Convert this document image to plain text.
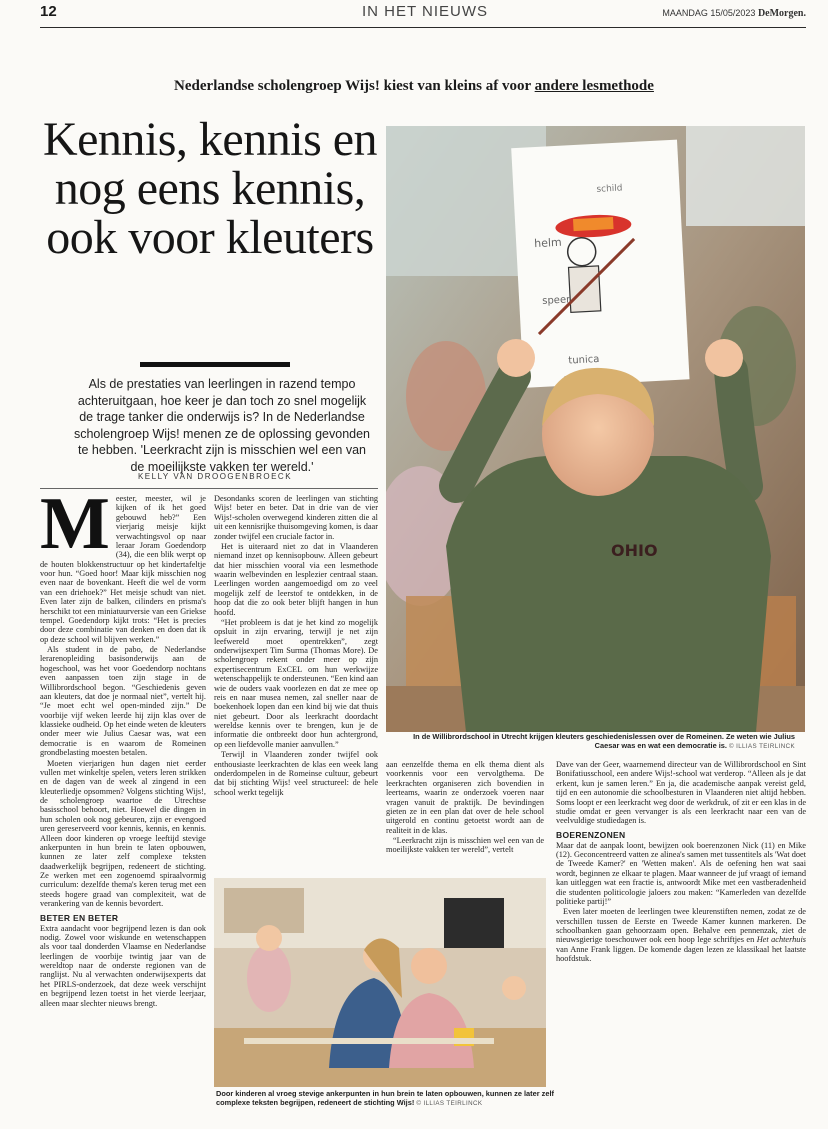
12	IN HET NIEUWS	MAANDAG 15/05/2023 DeMorgen.
Nederlandse scholengroep Wijs! kiest van kleins af voor andere lesmethode
Kennis, kennis en nog eens kennis, ook voor kleuters

Als de prestaties van leerlingen in razend tempo achteruitgaan, hoe keer je dan toch zo snel mogelijk de trage tanker die onderwijs is? In de Nederlandse scholengroep Wijs! menen ze de oplossing gevonden te hebben. 'Leerkracht zijn is misschien wel een van de moeilijkste vakken ter wereld.'

KELLY VAN DROOGENBROECK
helm
speer
schild
tunica
OHIO
In de Willibrordschool in Utrecht krijgen kleuters geschiedenislessen over de Romeinen. Ze weten wie Julius Caesar was en wat een democratie is. © ILLIAS TEIRLINCK
Door kinderen al vroeg stevige ankerpunten in hun brein te laten opbouwen, kunnen ze later zelf complexe teksten begrijpen, redeneert de stichting Wijs! © ILLIAS TEIRLINCK

Meester, meester, wil je kijken of ik het goed gebouwd heb?” Een vierjarig meisje kijkt verwachtingsvol op naar leraar Joram Goedendorp (34), die een blik werpt op de houten blokkenstructuur op het kindertafeltje voor hun. “Goed hoor! Maar kijk misschien nog even naar de bovenkant. Heeft die wel de vorm van een driehoek?” Het meisje schudt van niet. Even later zijn de balken, cilinders en prisma's herschikt tot een miniatuurversie van een Griekse tempel. Goedendorp kijkt trots: “Het is precies door deze combinatie van denken en doen dat ik op deze school wil blijven werken.”

Als student in de pabo, de Nederlandse lerarenopleiding basisonderwijs aan de hogeschool, was het voor Goedendorp nochtans even aanpassen toen zijn stage in de Willibrordschool begon. “Geschiedenis geven aan kleuters, dat doe je normaal niet”, vertelt hij. “Je moet echt wel open-minded zijn.” De voorbije vijf weken leerde hij zijn klas over de klassieke oudheid. Op het einde weten de kleuters onder meer wie Julius Caesar was, wat een democratie is en waarom de Romeinen grondbelasting moesten betalen.

Moeten vierjarigen hun dagen niet eerder vullen met winkeltje spelen, veters leren strikken en de dagen van de week al zingend in een kleuterliedje opsommen? Volgens stichting Wijs!, de scholengroep waartoe de Utrechtse basisschool behoort, niet. Hoewel die dingen in hun scholen ook nog gebeuren, zijn er evengoed uren gereserveerd voor kennis, kennis, en kennis. Alleen door kinderen op vroege leeftijd stevige ankerpunten in hun brein te laten opbouwen, kunnen ze later zelf complexe teksten daadwerkelijk begrijpen, redeneert de stichting. Ze werken met een zogenoemd spiraalvormig curriculum: dezelfde thema's keren terug met een steeds hogere graad van complexiteit, wat de verankering van de kennis bevordert.

BETER EN BETER

Extra aandacht voor begrijpend lezen is dan ook nodig. Zowel voor wiskunde en wetenschappen als voor taal donderden Vlaamse en Nederlandse leerlingen de voorbije twintig jaar van de wereldtop naar de onderste regionen van de ranglijst. Nu al verwachten onderwijsexperts dat het PIRLS-onderzoek, dat deze week verschijnt en begrijpend lezen toetst in het vierde leerjaar, alleen maar slechter nieuws brengt.

Desondanks scoren de leerlingen van stichting Wijs! beter en beter. Dat in drie van de vier Wijs!-scholen overwegend kinderen zitten die al uit een kennisrijke thuisomgeving komen, is daar zonder twijfel een cruciale factor in.

Het is uiteraard niet zo dat in Vlaanderen niemand inzet op kennisopbouw. Alleen gebeurt dat hier misschien vooral via een lesmethode waarin welbevinden en lesplezier centraal staan. Leerlingen worden aangemoedigd om zo veel mogelijk zelf de leerstof te ontdekken, in de hoop dat die zo ook beter blijft hangen in hun hoofd.

“Het probleem is dat je het kind zo mogelijk opsluit in zijn ervaring, terwijl je net zijn leefwereld moet opentrekken”, zegt onderwijsexpert Tim Surma (Thomas More). De scholengroep rekent onder meer op zijn expertisecentrum ExCEL om hun werkwijze wetenschappelijk te ondersteunen. “Een kind aan wie de ouders vaak voorlezen en dat ze mee op reis en naar musea nemen, zal sneller naar de boekenhoek lopen dan een kind bij wie dat thuis niet gebeurt. Door als leerkracht doordacht wereldse kennis over te brengen, kun je de informatie die ontbreekt door hun achtergrond, op een liefdevolle manier aanvullen.”

Terwijl in Vlaanderen zonder twijfel ook enthousiaste leerkrachten de klas een week lang onderdompelen in de Romeinse cultuur, gebeurt dat bij stichting Wijs! veel structureel: de hele school werkt tegelijk

aan eenzelfde thema en elk thema dient als voorkennis voor een vervolgthema. De leerkrachten organiseren zich bovendien in leerteams, waarin ze onderzoek voeren naar vragen vanuit de praktijk. De bevindingen gieten ze in een plan dat over de hele school uitgerold en continu getoetst wordt aan de realiteit in de klas.

“Leerkracht zijn is misschien wel een van de moeilijkste vakken ter wereld”, vertelt

Dave van der Geer, waarnemend directeur van de Willibrordschool en Sint Bonifatiusschool, een andere Wijs!-school wat verderop. “Alleen als je dat erkent, kun je samen leren.” En ja, die academische aanpak vereist geld, tijd en een autonomie die schoolbesturen in Vlaanderen niet altijd hebben. Soms loopt er een leerkracht weg door de werkdruk, of zit er een klas in de studie omdat er geen vervanger is als een leerkracht naar een van de veelvuldige studiedagen is.

BOERENZONEN

Maar dat de aanpak loont, bewijzen ook boerenzonen Nick (11) en Mike (12). Geconcentreerd vatten ze alinea's samen met tussentitels als 'Wat doet de Tweede Kamer?' en 'Wetten maken'. Als de oefening hen wat saai wordt, beginnen ze elkaar te plagen. Maar wanneer de juf vraagt of iemand kan uitleggen wat een fractie is, antwoordt Mike met een vastberadenheid die studenten politicologie jaloers zou maken: “Kamerleden van dezelfde politieke partij!”

Even later moeten de leerlingen twee kleurenstiften nemen, zodat ze de verschillen tussen de Eerste en Tweede Kamer kunnen markeren. De schoolbanken gaan gehoorzaam open. Behalve een pennenzak, ziet de nieuwsgierige toeschouwer ook een hoop lege schriftjes en Het achterhuis van Anne Frank liggen. De komende dagen lezen ze klassikaal het laatste hoofdstuk.
